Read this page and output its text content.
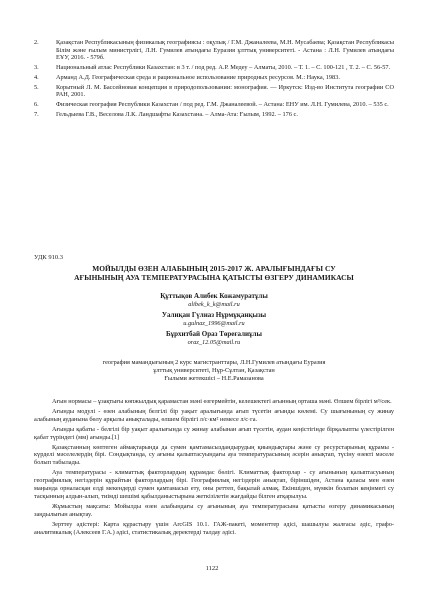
2.	Қазақстан Республикасының физикалық географиясы : оқулық / Г.М. Джаналеева, М.Н. Мусабаева; Қазақстан Республикасы Білім және ғылым министрлігі, Л.Н. Гумилев атындағы Еуразия ұлттық университеті. - Астана : Л.Н. Гумилев атындағы ЕҰУ, 2016. - 579б.
3.	Национальный атлас Республики Казахстан: в 3 т. / под ред. А.Р. Медеу – Алматы, 2010. – Т. 1. – С. 100-121 , Т. 2. – С. 56-57.
4.	Арманд А.Д. Географическая среда и рациональное использование природных ресурсов. М.: Наука, 1983.
5.	Корытный Л. М. Бассейновая концепция в природопользовании: монография. — Иркутск: Изд-во Института географии СО РАН, 2001.
6.	Физическая география Республики Казахстан / под ред. Г.М. Джаналеевой. – Астана: ЕНУ им. Л.Н. Гумилева, 2010. – 535 с.
7.	Гельдыева Г.В., Веселова Л.К. Ландшафты Казахстана. – Алма-Ата: Ғылым, 1992. – 176 с.
УДК 910.3
МОЙЫЛДЫ ӨЗЕН АЛАБЫНЫҢ 2015-2017 Ж. АРАЛЫҒЫНДАҒЫ СУ
АҒЫНЫНЫҢ АУА ТЕМПЕРАТУРАСЫНА ҚАТЫСТЫ ӨЗГЕРУ ДИНАМИКАСЫ
Құттықов Алибек Кожамуратұлы
alibek_k_k@mail.ru
Уалиқан Гүлназ Нұрмұқанқызы
u.gulnaz_1996@mail.ru
Бұрхитбай Ораз Төреғалиұлы
oraz_12.05@mail.ru
география мамандығының 2 курс магистранттары, Л.Н.Гумилев атындағы Еуразия
ұлттық университеті, Нұр-Сұлтан, Қазақстан
Ғылыми жетекшісі – Н.Е.Рамазанова

Ағын нормасы – ұзақтығы көпжылдық қарамастан мәні өзгермейтін, келешектегі ағынның орташа мәні. Өлшем бірлігі м³/сек.

Ағынды модулі - өзен алабының белгілі бір уақыт аралығында ағып түсетін ағынды көлемі. Су шығынының су жинау алабының ауданына бөлу арқылы анықталады, өлшем бірлігі л/с·км² немесе л/с·га.

Ағынды қабаты - белгілі бір уақыт аралығында су жинау алабынан ағып түсетін, аудан кеңістігінде бірқалыпты үлестірілген қабат түріндегі (мм) ағынды.[1]

Қазақстанның көптеген аймақтарында да сумен қамтамасыздандырудың қиындықтары және су ресурстарының құрамы - күрделі мәселелердің бірі. Сондықтанда, су ағыны қалыптасуындағы ауа температурасының әсерін анықтап, түсіну өзекті мәселе болып табылады.

Ауа температурасы - климаттық факторлардың құрамдас бөлігі. Климаттық факторлар - су ағынының қалыптасуының географиялық негіздерін құрайтын факторлардың бірі. Географиялық негіздерін анықтап, біріншіден, Астана қаласы мен өзен маңында орналасқан елді мекендерді сумен қамтамасыз ету, оны реттеп, бақылай алмақ. Екіншіден, мүмкін болатын кеңінмегі су тасқынның алдын-алып, тиімді шешімі қабылданыстырына жеткізілетін жағдайды білген атқарылуы.

Жұмыстың мақсаты: Мойылды өзен алабындағы су ағынының ауа температурасына қатысты өзгеру динамикасының заңдылығын анықтау.

Зерттеу әдістері: Карта құрастыру үшін ArcGIS 10.1. ГАЖ-пакеті, моменттер әдісі, шашылуы жалғасы әдіс, графо-аналитикалық (Алексеев Г.А.) әдісі, статистикалық деректерді талдау әдісі.

1122
